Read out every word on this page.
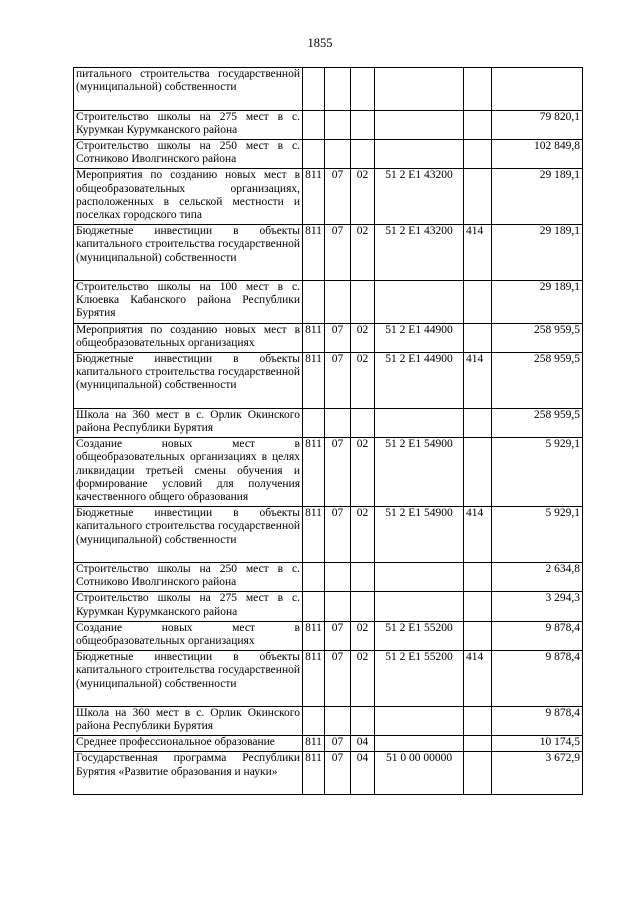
1855
питального строительства государственной (муниципальной) собственности						
Строительство школы на 275 мест в с. Курумкан Курумканского района						79 820,1
Строительство школы на 250 мест в с. Сотниково Иволгинского района						102 849,8
Мероприятия по созданию новых мест в общеобразовательных организациях, расположенных в сельской местности и поселках городского типа	811	07	02	51 2 E1 43200		29 189,1
Бюджетные инвестиции в объекты капитального строительства государственной (муниципальной) собственности	811	07	02	51 2 E1 43200	414	29 189,1
Строительство школы на 100 мест в с. Клюевка Кабанского района Республики Бурятия						29 189,1
Мероприятия по созданию новых мест в общеобразовательных организациях	811	07	02	51 2 E1 44900		258 959,5
Бюджетные инвестиции в объекты капитального строительства государственной (муниципальной) собственности	811	07	02	51 2 E1 44900	414	258 959,5
Школа на 360 мест в с. Орлик Окинского района Республики Бурятия						258 959,5
Создание новых мест в общеобразовательных организациях в целях ликвидации третьей смены обучения и формирование условий для получения качественного общего образования	811	07	02	51 2 E1 54900		5 929,1
Бюджетные инвестиции в объекты капитального строительства государственной (муниципальной) собственности	811	07	02	51 2 E1 54900	414	5 929,1
Строительство школы на 250 мест в с. Сотниково Иволгинского района						2 634,8
Строительство школы на 275 мест в с. Курумкан Курумканского района						3 294,3
Создание новых мест в общеобразовательных организациях	811	07	02	51 2 E1 55200		9 878,4
Бюджетные инвестиции в объекты капитального строительства государственной (муниципальной) собственности	811	07	02	51 2 E1 55200	414	9 878,4
Школа на 360 мест в с. Орлик Окинского района Республики Бурятия						9 878,4
Среднее профессиональное образование	811	07	04			10 174,5
Государственная программа Республики Бурятия «Развитие образования и науки»	811	07	04	51 0 00 00000		3 672,9
